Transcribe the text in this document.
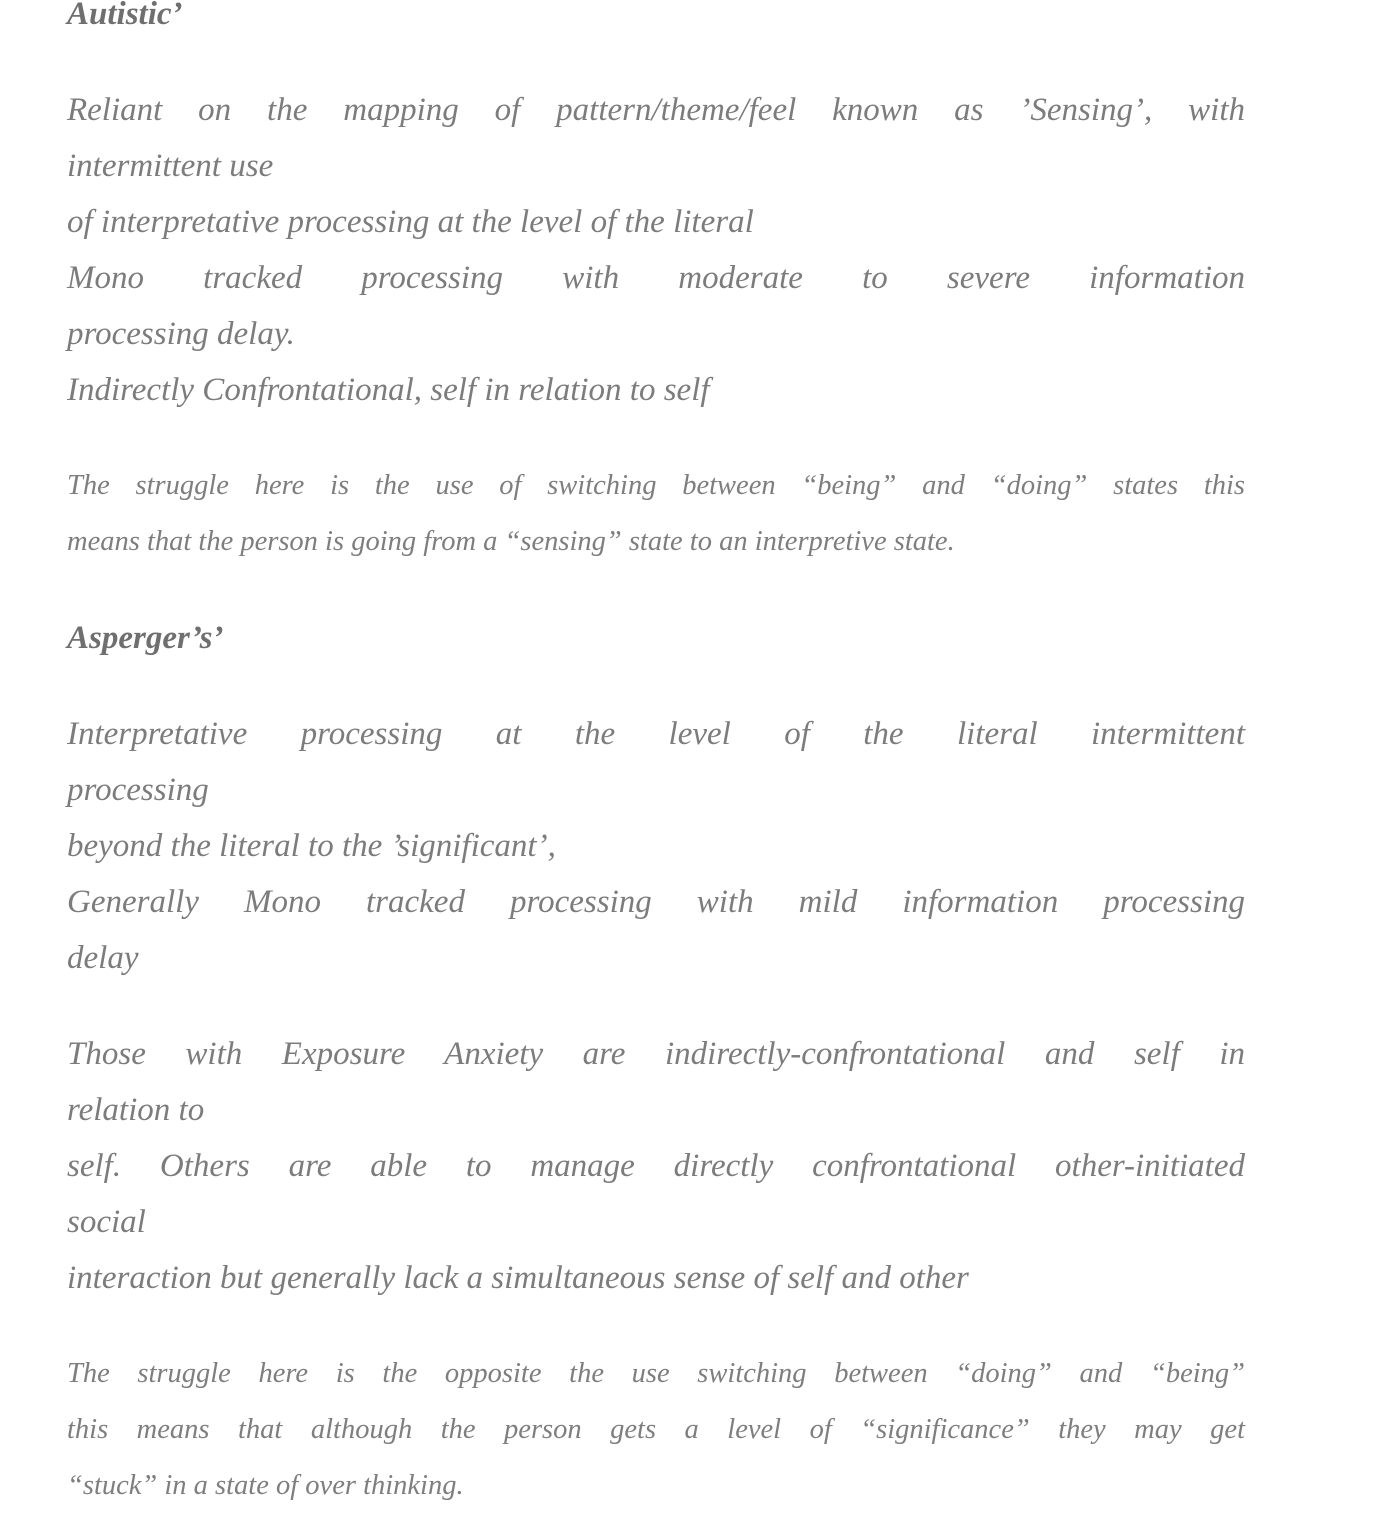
Autistic’
Reliant on the mapping of pattern/theme/feel known as ’Sensing’, with
intermittent use
of interpretative processing at the level of the literal
Mono tracked processing with moderate to severe information
processing delay.
Indirectly Confrontational, self in relation to self
The struggle here is the use of switching between “being” and “doing” states this
means that the person is going from a “sensing” state to an interpretive state.
Asperger’s’
Interpretative processing at the level of the literal intermittent
processing
beyond the literal to the ’significant’,
Generally Mono tracked processing with mild information processing
delay
Those with Exposure Anxiety are indirectly-confrontational and self in
relation to
self. Others are able to manage directly confrontational other-initiated
social
interaction but generally lack a simultaneous sense of self and other
The struggle here is the opposite the use switching between “doing” and “being”
this means that although the person gets a level of “significance” they may get
“stuck” in a state of over thinking.
